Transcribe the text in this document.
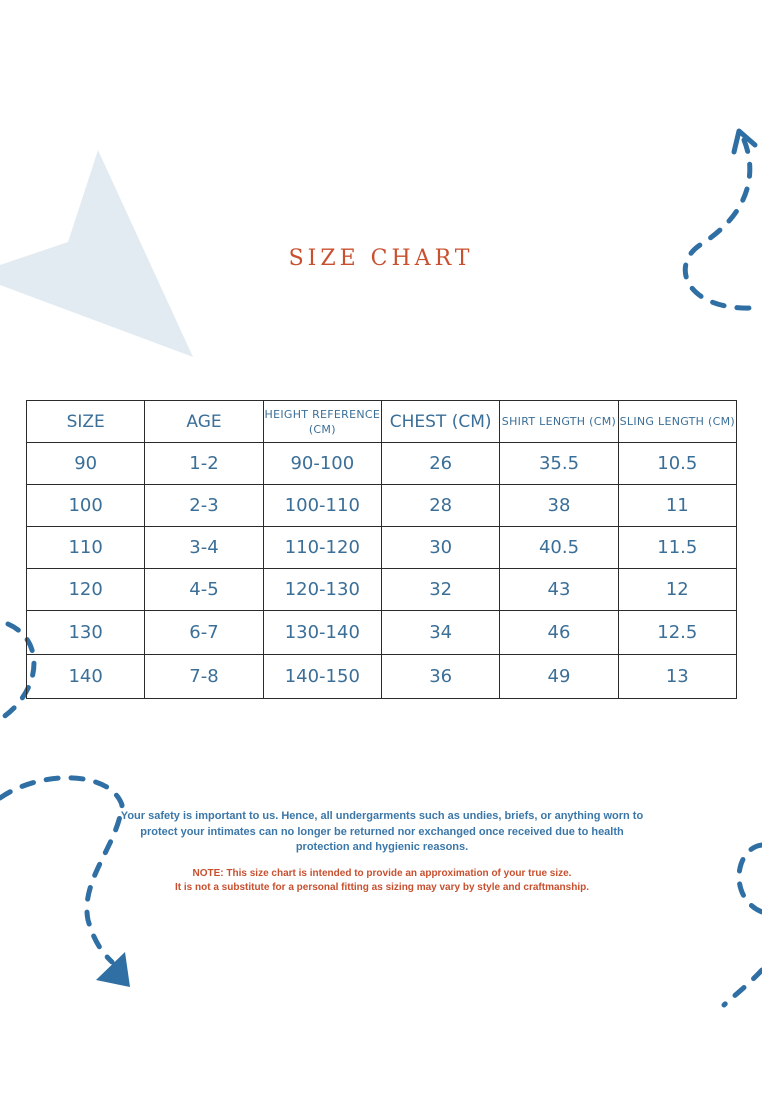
SIZE CHART
SIZE	AGE	HEIGHT REFERENCE (CM)	CHEST (CM)	SHIRT LENGTH (CM)	SLING LENGTH (CM)
90	1-2	90-100	26	35.5	10.5
100	2-3	100-110	28	38	11
110	3-4	110-120	30	40.5	11.5
120	4-5	120-130	32	43	12
130	6-7	130-140	34	46	12.5
140	7-8	140-150	36	49	13

Your safety is important to us. Hence, all undergarments such as undies, briefs, or anything worn to protect your intimates can no longer be returned nor exchanged once received due to health protection and hygienic reasons.

NOTE: This size chart is intended to provide an approximation of your true size.
It is not a substitute for a personal fitting as sizing may vary by style and craftmanship.
